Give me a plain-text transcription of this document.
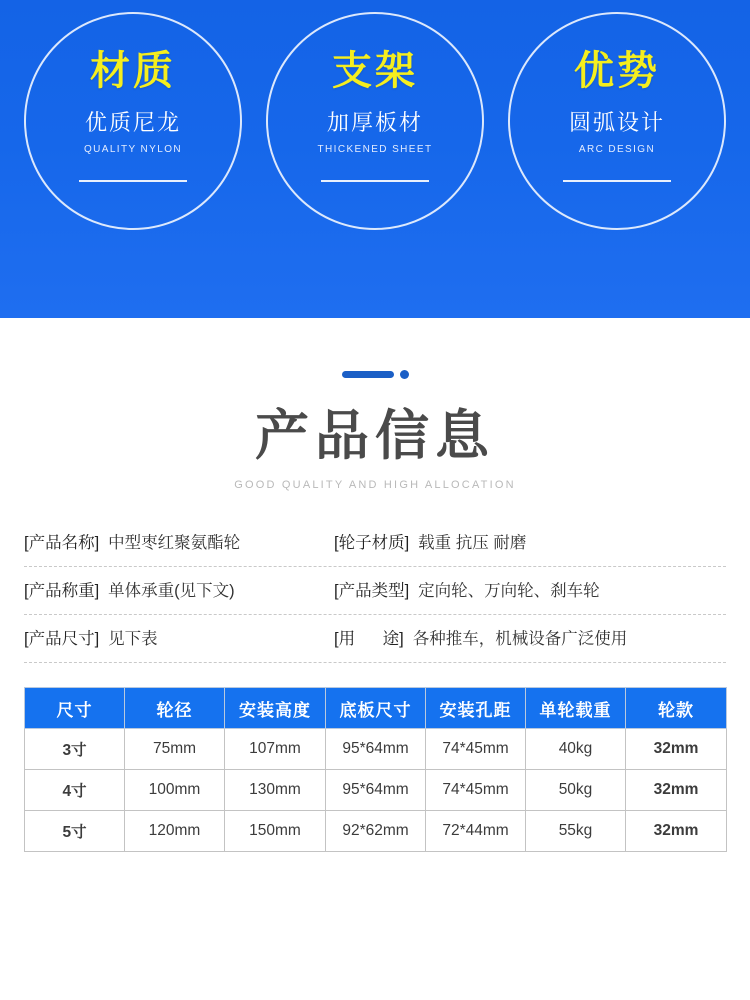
材质
优质尼龙
QUALITY NYLON
支架
加厚板材
THICKENED SHEET
优势
圆弧设计
ARC DESIGN
产品信息
GOOD QUALITY AND HIGH ALLOCATION
[产品名称] 中型枣红聚氨酯轮	[轮子材质] 载重 抗压 耐磨
[产品称重] 单体承重(见下文)	[产品类型] 定向轮、万向轮、刹车轮
[产品尺寸] 见下表	[用      途] 各种推车，机械设备广泛使用
尺寸	轮径	安装高度	底板尺寸	安装孔距	单轮载重	轮款
3寸	75mm	107mm	95*64mm	74*45mm	40kg	32mm
4寸	100mm	130mm	95*64mm	74*45mm	50kg	32mm
5寸	120mm	150mm	92*62mm	72*44mm	55kg	32mm
